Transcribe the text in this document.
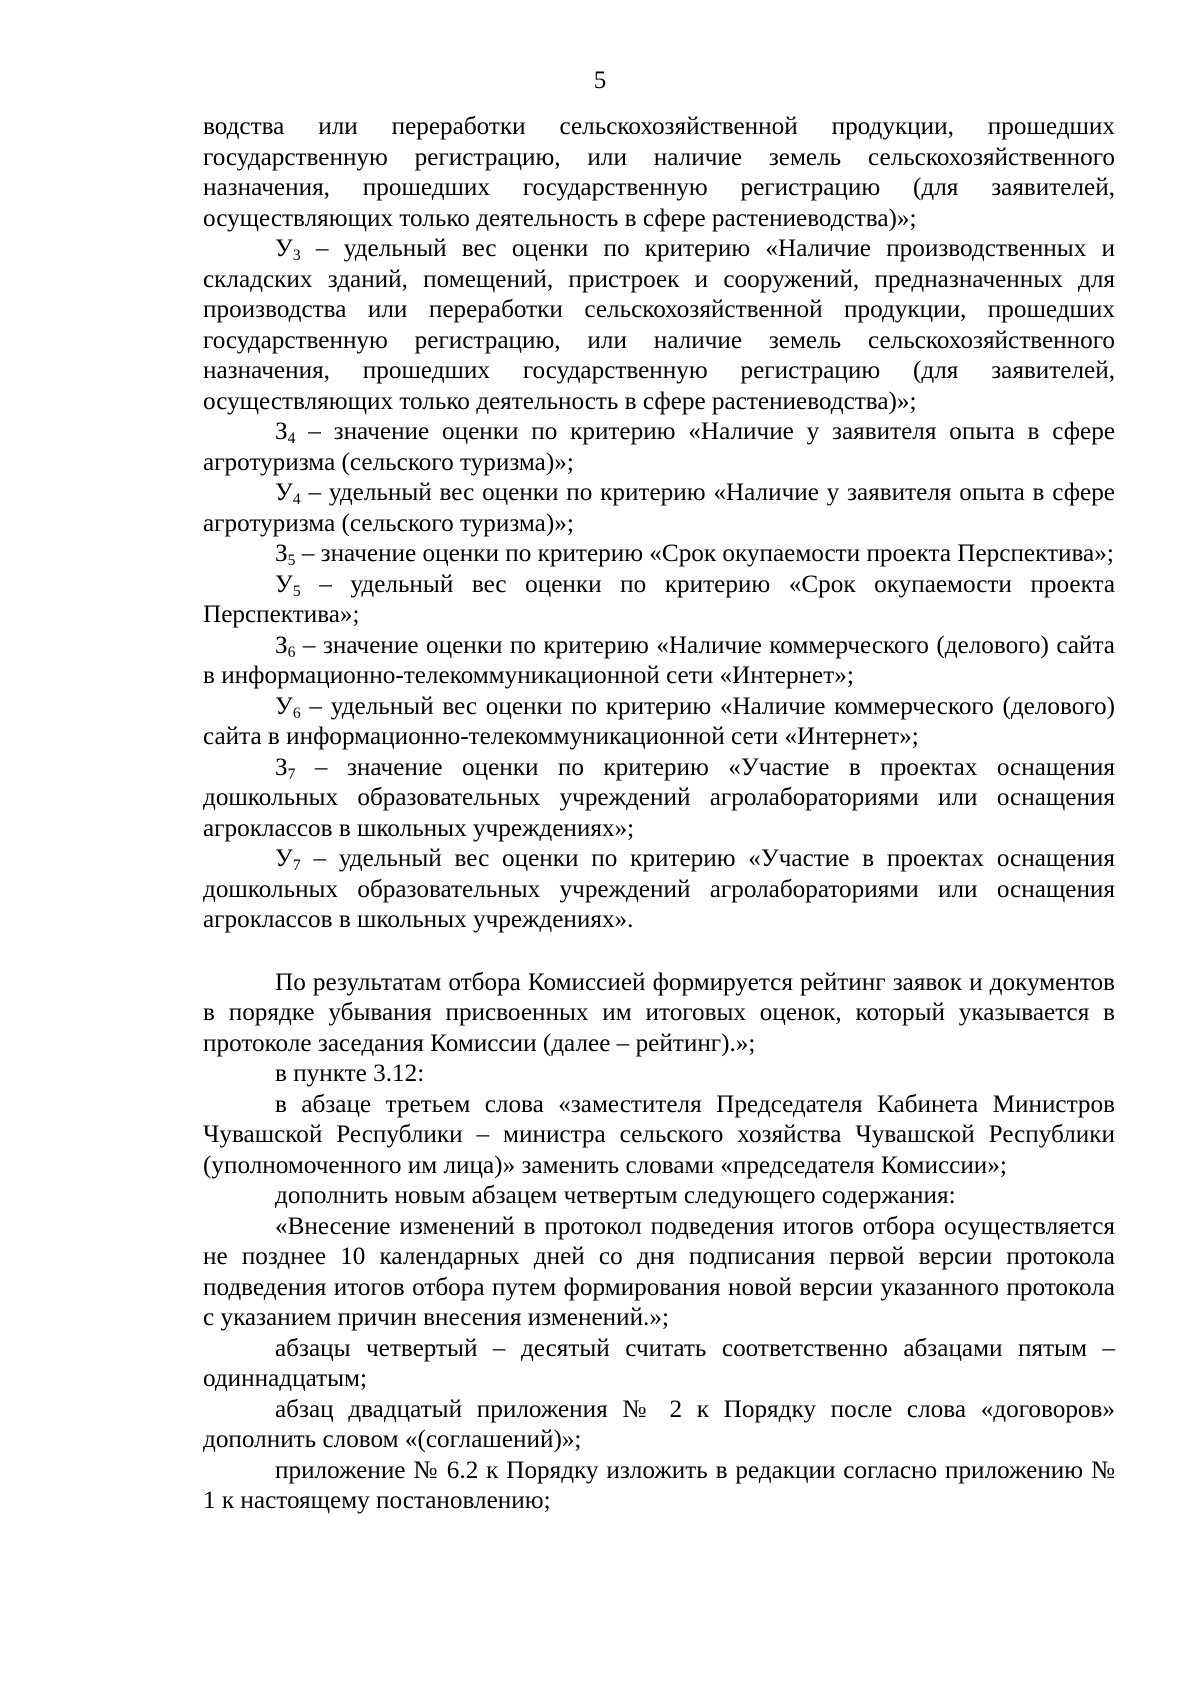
5

водства или переработки сельскохозяйственной продукции, прошедших государственную регистрацию, или наличие земель сельскохозяйственного назначения, прошедших государственную регистрацию (для заявителей, осуществляющих только деятельность в сфере растениеводства)»;

$У_3$ – удельный вес оценки по критерию «Наличие производственных и складских зданий, помещений, пристроек и сооружений, предназначенных для производства или переработки сельскохозяйственной продукции, прошедших государственную регистрацию, или наличие земель сельскохозяйственного назначения, прошедших государственную регистрацию (для заявителей, осуществляющих только деятельность в сфере растениеводства)»;

$З_4$ – значение оценки по критерию «Наличие у заявителя опыта в сфере агротуризма (сельского туризма)»;

$У_4$ – удельный вес оценки по критерию «Наличие у заявителя опыта в сфере агротуризма (сельского туризма)»;

$З_5$ – значение оценки по критерию «Срок окупаемости проекта Перспектива»;

$У_5$ – удельный вес оценки по критерию «Срок окупаемости проекта Перспектива»;

$З_6$ – значение оценки по критерию «Наличие коммерческого (делового) сайта в информационно-телекоммуникационной сети «Интернет»;

$У_6$ – удельный вес оценки по критерию «Наличие коммерческого (делового) сайта в информационно-телекоммуникационной сети «Интернет»;

$З_7$ – значение оценки по критерию «Участие в проектах оснащения дошкольных образовательных учреждений агролабораториями или оснащения агроклассов в школьных учреждениях»;

$У_7$ – удельный вес оценки по критерию «Участие в проектах оснащения дошкольных образовательных учреждений агролабораториями или оснащения агроклассов в школьных учреждениях».

По результатам отбора Комиссией формируется рейтинг заявок и документов в порядке убывания присвоенных им итоговых оценок, который указывается в протоколе заседания Комиссии (далее – рейтинг).»;

в пункте 3.12:

в абзаце третьем слова «заместителя Председателя Кабинета Министров Чувашской Республики – министра сельского хозяйства Чувашской Республики (уполномоченного им лица)» заменить словами «председателя Комиссии»;

дополнить новым абзацем четвертым следующего содержания:

«Внесение изменений в протокол подведения итогов отбора осуществляется не позднее 10 календарных дней со дня подписания первой версии протокола подведения итогов отбора путем формирования новой версии указанного протокола с указанием причин внесения изменений.»;

абзацы четвертый – десятый считать соответственно абзацами пятым – одиннадцатым;

абзац двадцатый приложения № 2 к Порядку после слова «договоров» дополнить словом «(соглашений)»;

приложение № 6.2 к Порядку изложить в редакции согласно приложению № 1 к настоящему постановлению;
